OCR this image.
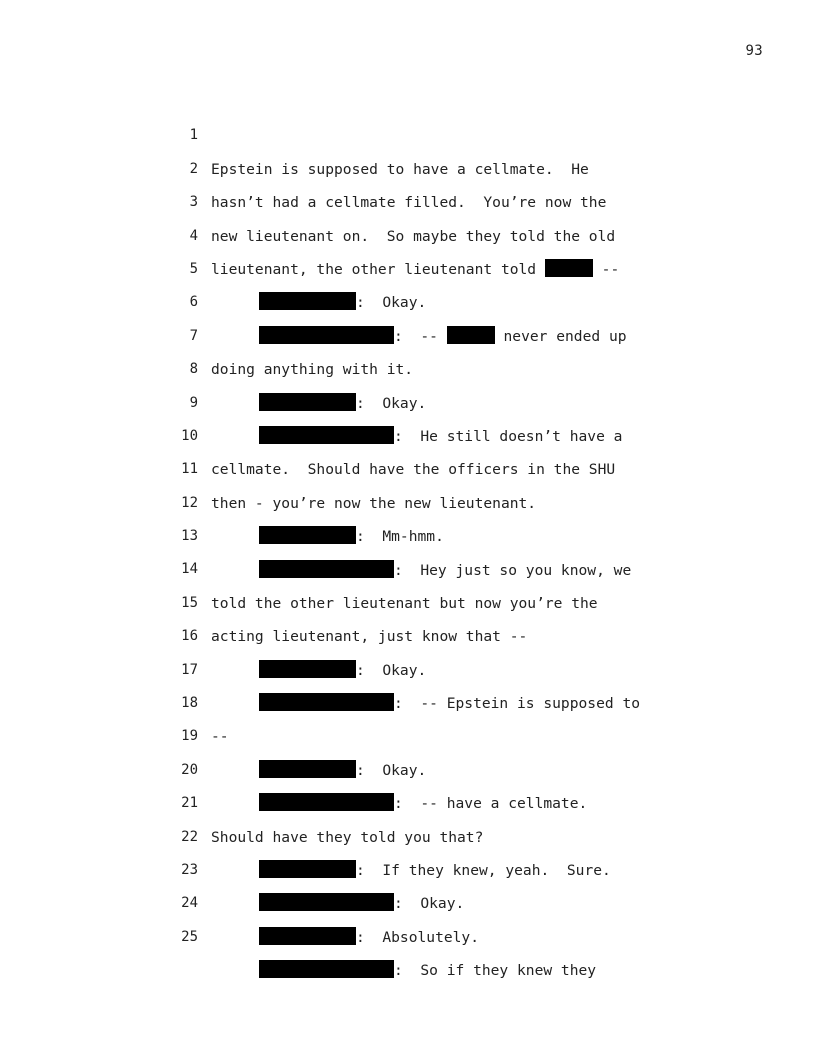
93

1

Epstein is supposed to have a cellmate.  He

2

hasn’t had a cellmate filled.  You’re now the

3

new lieutenant on.  So maybe they told the old

4

lieutenant, the other lieutenant told	--

5

:  Okay.

6

:  --	never ended up

7

doing anything with it.

8

:  Okay.

9

:  He still doesn’t have a

10

cellmate.  Should have the officers in the SHU

11

then - you’re now the new lieutenant.

12

:  Mm-hmm.

13

:  Hey just so you know, we

14

told the other lieutenant but now you’re the

15

acting lieutenant, just know that --

16

:  Okay.

17

:  -- Epstein is supposed to

18

--

19

:  Okay.

20

:  -- have a cellmate.

21

Should have they told you that?

22

:  If they knew, yeah.  Sure.

23

:  Okay.

24

:  Absolutely.

25

:  So if they knew they
